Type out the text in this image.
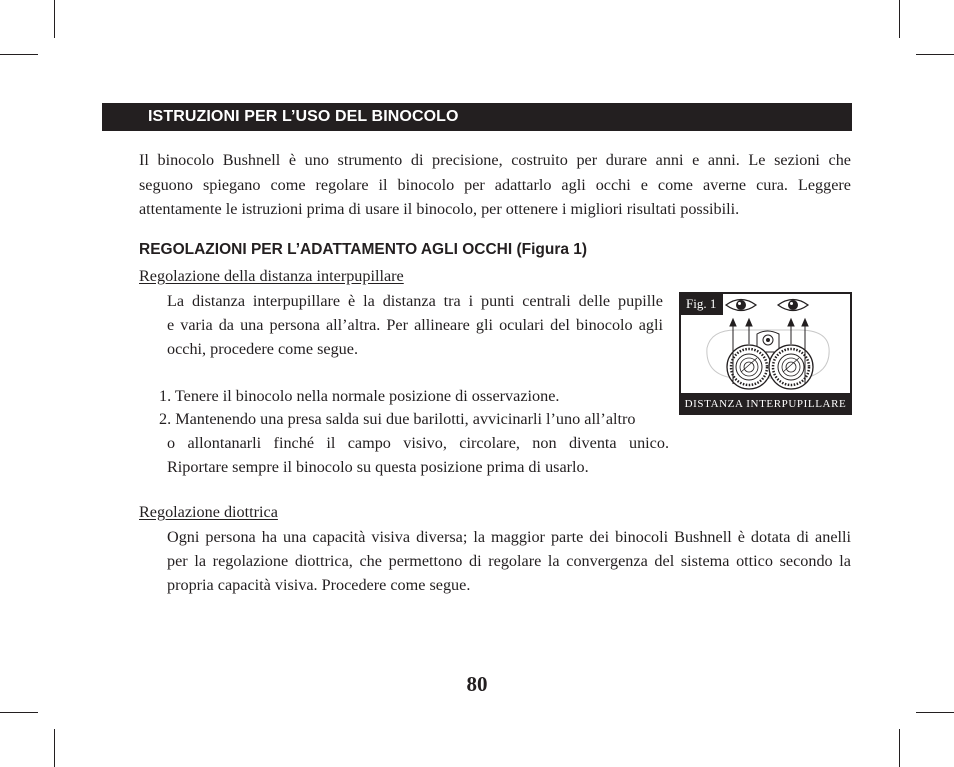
ISTRUZIONI PER L’USO DEL BINOCOLO
Il binocolo Bushnell è uno strumento di precisione, costruito per durare anni e anni. Le sezioni che
seguono spiegano come regolare il binocolo per adattarlo agli occhi e come averne cura. Leggere
attentamente le istruzioni prima di usare il binocolo, per ottenere i migliori risultati possibili.
REGOLAZIONI PER L’ADATTAMENTO AGLI OCCHI (Figura 1)
Regolazione della distanza interpupillare
La distanza interpupillare è la distanza tra i punti centrali delle pupille
e varia da una persona all’altra. Per allineare gli oculari del binocolo agli
occhi, procedere come segue.
1. Tenere il binocolo nella normale posizione di osservazione.
2. Mantenendo una presa salda sui due barilotti, avvicinarli l’uno all’altro
o allontanarli finché il campo visivo, circolare, non diventa unico.
Riportare sempre il binocolo su questa posizione prima di usarlo.
Fig. 1
DISTANZA INTERPUPILLARE
Regolazione diottrica
Ogni persona ha una capacità visiva diversa; la maggior parte dei binocoli Bushnell è dotata di anelli
per la regolazione diottrica, che permettono di regolare la convergenza del sistema ottico secondo la
propria capacità visiva. Procedere come segue.
80
